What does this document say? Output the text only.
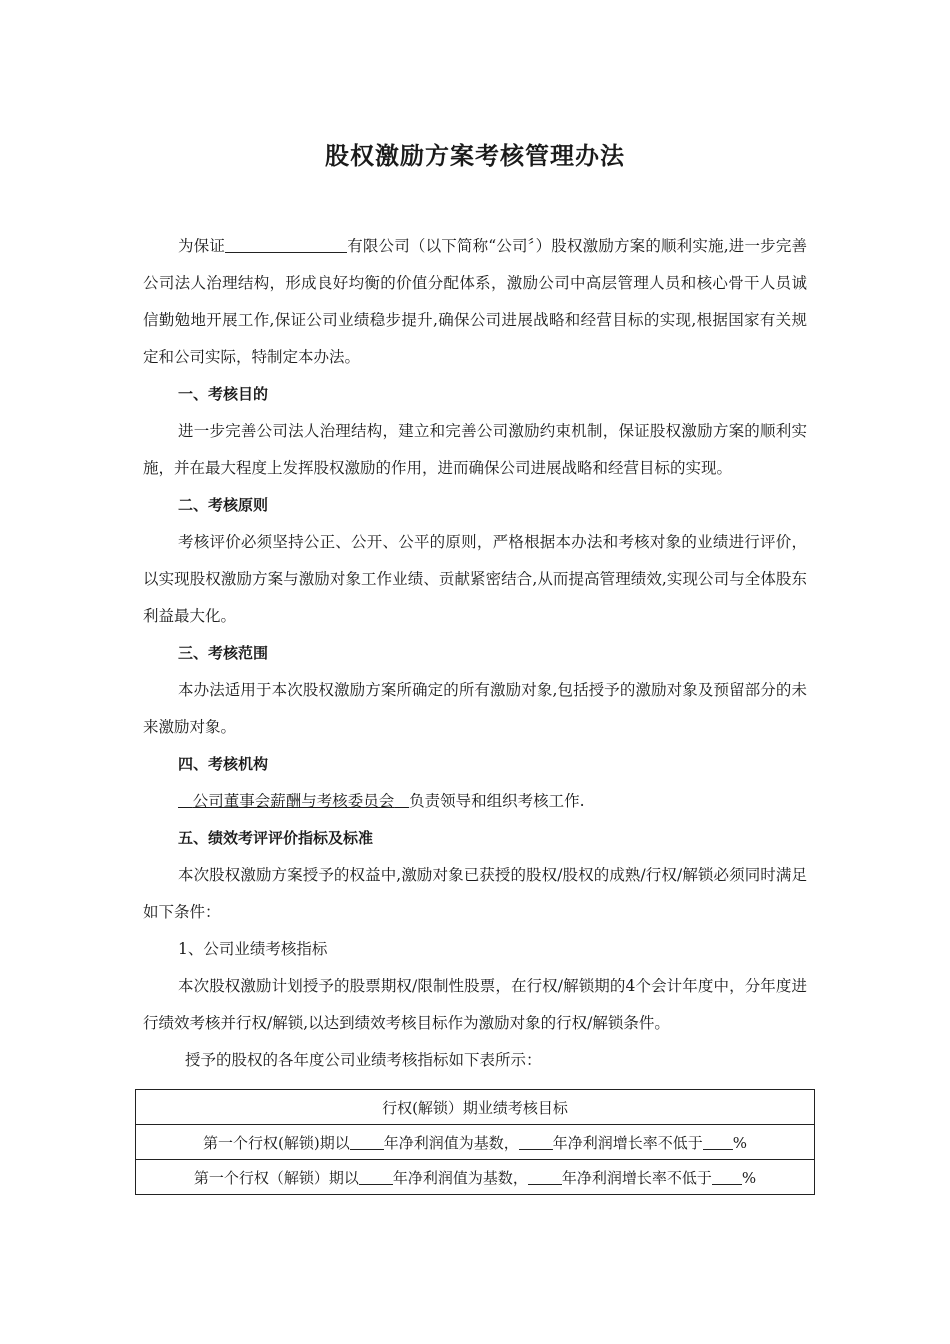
股权激励方案考核管理办法

为保证	有限公司（以下简称“公司〞）股权激励方案的顺利实施,进一步完善公司法人治理结构，形成良好均衡的价值分配体系，激励公司中高层管理人员和核心骨干人员诚信勤勉地开展工作,保证公司业绩稳步提升,确保公司进展战略和经营目标的实现,根据国家有关规定和公司实际，特制定本办法。

一、考核目的

进一步完善公司法人治理结构，建立和完善公司激励约束机制，保证股权激励方案的顺利实施，并在最大程度上发挥股权激励的作用，进而确保公司进展战略和经营目标的实现。

二、考核原则

考核评价必须坚持公正、公开、公平的原则，严格根据本办法和考核对象的业绩进行评价，以实现股权激励方案与激励对象工作业绩、贡献紧密结合,从而提高管理绩效,实现公司与全体股东利益最大化。

三、考核范围

本办法适用于本次股权激励方案所确定的所有激励对象,包括授予的激励对象及预留部分的未来激励对象。

四、考核机构

公司董事会薪酬与考核委员会 负责领导和组织考核工作.

五、绩效考评评价指标及标准

本次股权激励方案授予的权益中,激励对象已获授的股权/股权的成熟/行权/解锁必须同时满足如下条件：

1、公司业绩考核指标

本次股权激励计划授予的股票期权/限制性股票，在行权/解锁期的4个会计年度中，分年度进行绩效考核并行权/解锁,以达到绩效考核目标作为激励对象的行权/解锁条件。

授予的股权的各年度公司业绩考核指标如下表所示：

行权(解锁）期业绩考核目标
第一个行权(解锁)期以 年净利润值为基数， 年净利润增长率不低于 %
第一个行权（解锁）期以 年净利润值为基数， 年净利润增长率不低于 %
